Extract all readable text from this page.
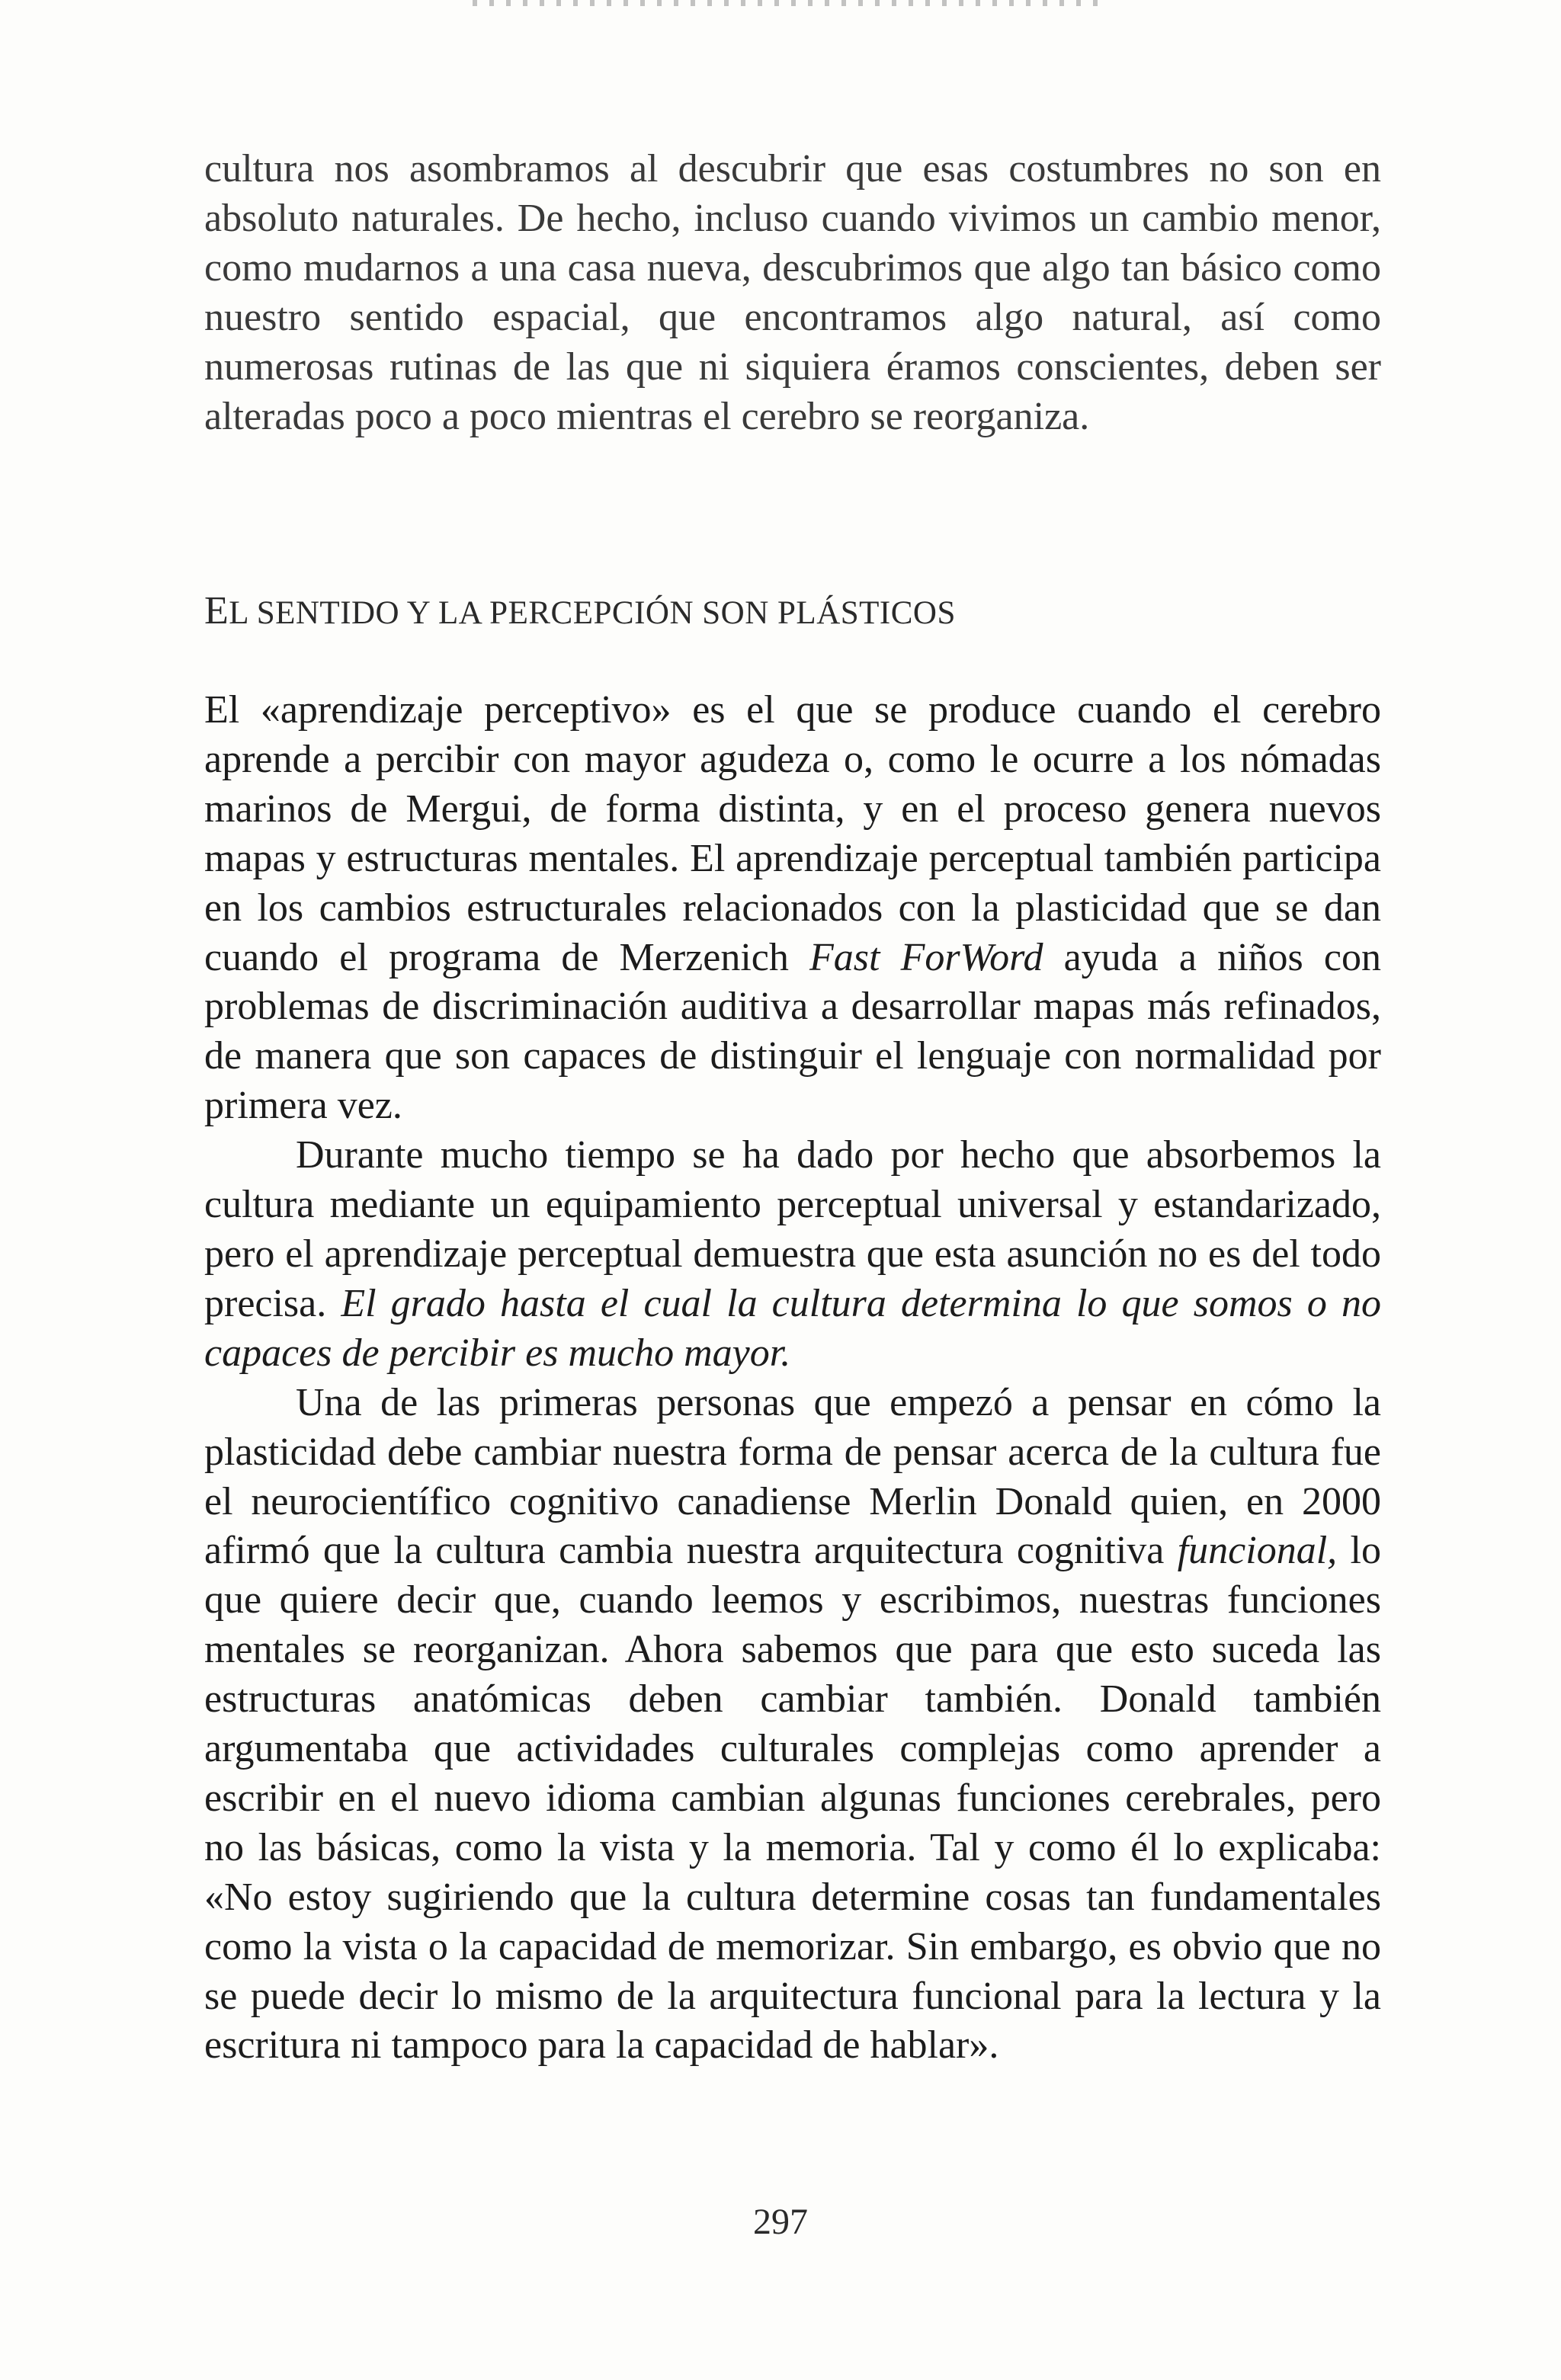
cultura nos asombramos al descubrir que esas costumbres no son en absoluto naturales. De hecho, incluso cuando vivimos un cambio menor, como mudarnos a una casa nueva, descubrimos que algo tan básico como nuestro sentido espacial, que encontramos algo natural, así como numerosas rutinas de las que ni siquiera éramos conscientes, deben ser alteradas poco a poco mientras el cerebro se reorganiza.

EL SENTIDO Y LA PERCEPCIÓN SON PLÁSTICOS

El «aprendizaje perceptivo» es el que se produce cuando el cerebro aprende a percibir con mayor agudeza o, como le ocurre a los nómadas marinos de Mergui, de forma distinta, y en el proceso genera nuevos mapas y estructuras mentales. El aprendizaje perceptual también participa en los cambios estructurales relacionados con la plasticidad que se dan cuando el programa de Merzenich Fast ForWord ayuda a niños con problemas de discriminación auditiva a desarrollar mapas más refinados, de manera que son capaces de distinguir el lenguaje con normalidad por primera vez.

Durante mucho tiempo se ha dado por hecho que absorbemos la cultura mediante un equipamiento perceptual universal y estandarizado, pero el aprendizaje perceptual demuestra que esta asunción no es del todo precisa. El grado hasta el cual la cultura determina lo que somos o no capaces de percibir es mucho mayor.

Una de las primeras personas que empezó a pensar en cómo la plasticidad debe cambiar nuestra forma de pensar acerca de la cultura fue el neurocientífico cognitivo canadiense Merlin Donald quien, en 2000 afirmó que la cultura cambia nuestra arquitectura cognitiva funcional, lo que quiere decir que, cuando leemos y escribimos, nuestras funciones mentales se reorganizan. Ahora sabemos que para que esto suceda las estructuras anatómicas deben cambiar también. Donald también argumentaba que actividades culturales complejas como aprender a escribir en el nuevo idioma cambian algunas funciones cerebrales, pero no las básicas, como la vista y la memoria. Tal y como él lo explicaba: «No estoy sugiriendo que la cultura determine cosas tan fundamentales como la vista o la capacidad de memorizar. Sin embargo, es obvio que no se puede decir lo mismo de la arquitectura funcional para la lectura y la escritura ni tampoco para la capacidad de hablar».

297
